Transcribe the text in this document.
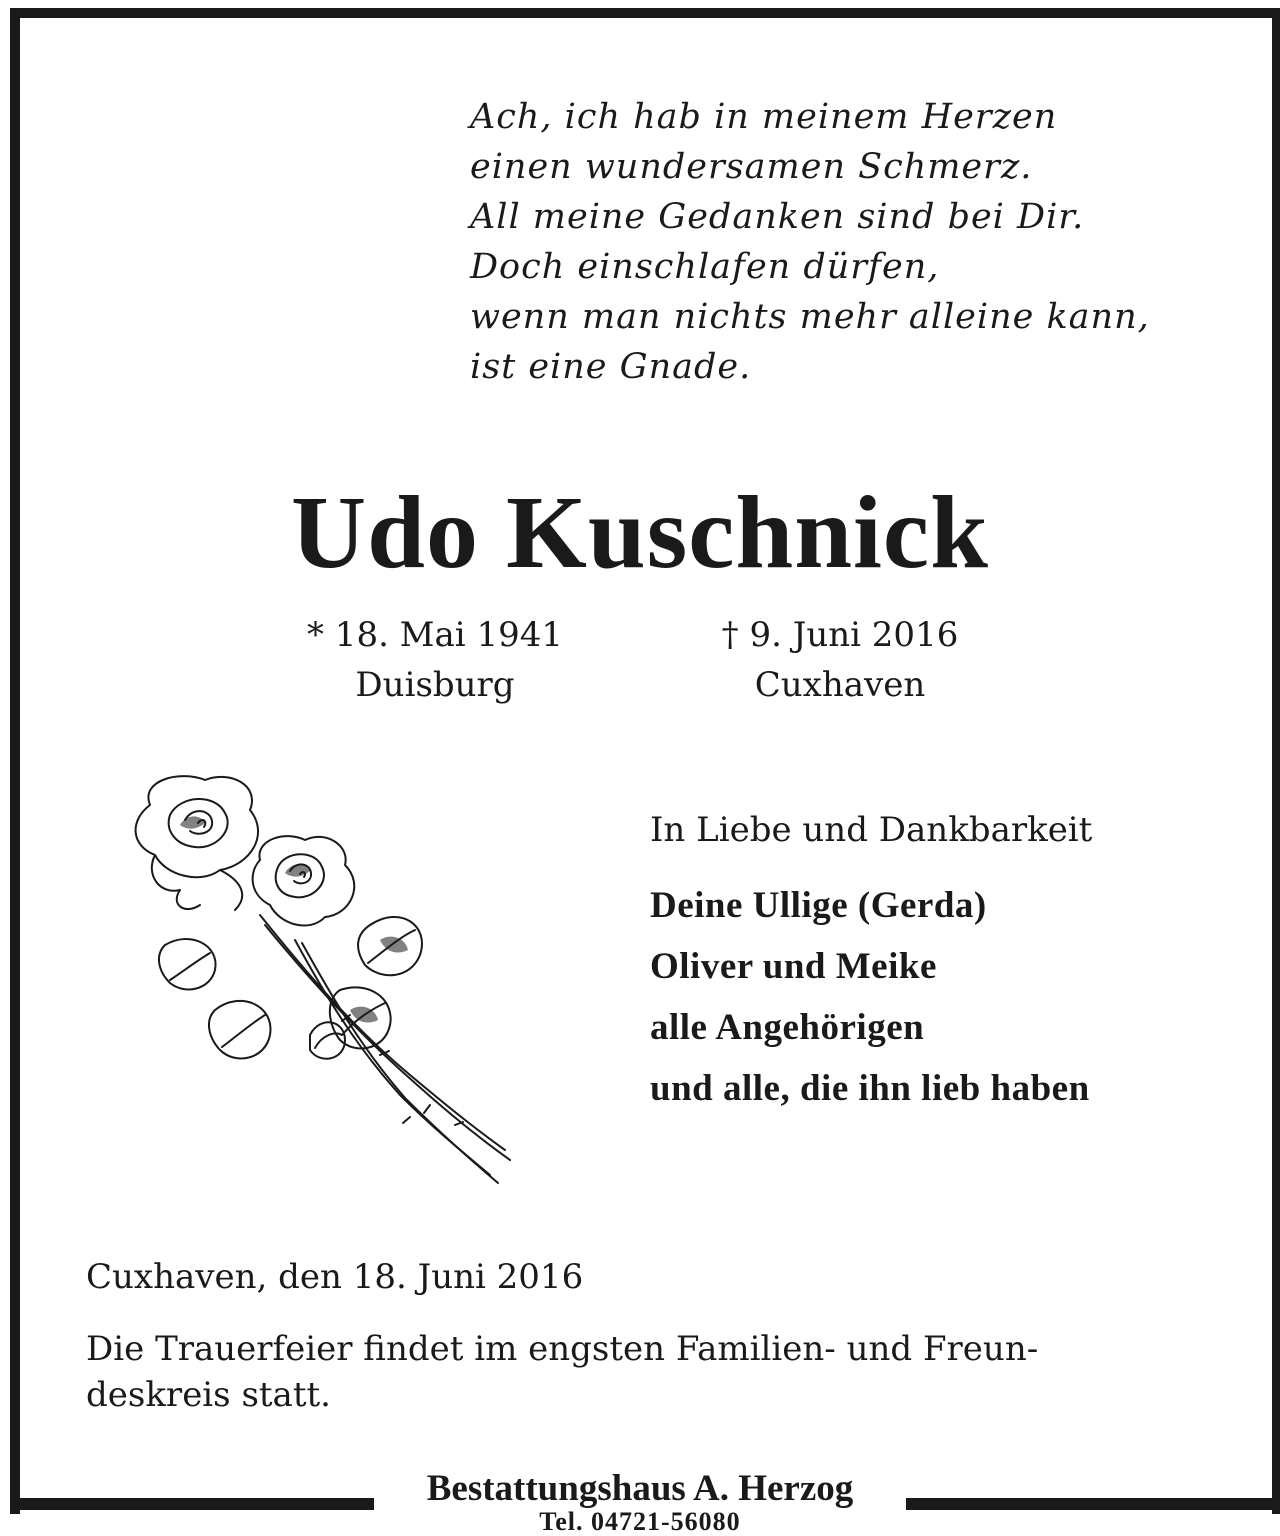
Ach, ich hab in meinem Herzen
einen wundersamen Schmerz.
All meine Gedanken sind bei Dir.
Doch einschlafen dürfen,
wenn man nichts mehr alleine kann,
ist eine Gnade.
Udo Kuschnick
* 18. Mai 1941
Duisburg
† 9. Juni 2016
Cuxhaven
In Liebe und Dankbarkeit
Deine Ullige (Gerda)
Oliver und Meike
alle Angehörigen
und alle, die ihn lieb haben
Cuxhaven, den 18. Juni 2016
Die Trauerfeier findet im engsten Familien- und Freun-
deskreis statt.
Bestattungshaus A. Herzog
Tel. 04721-56080
